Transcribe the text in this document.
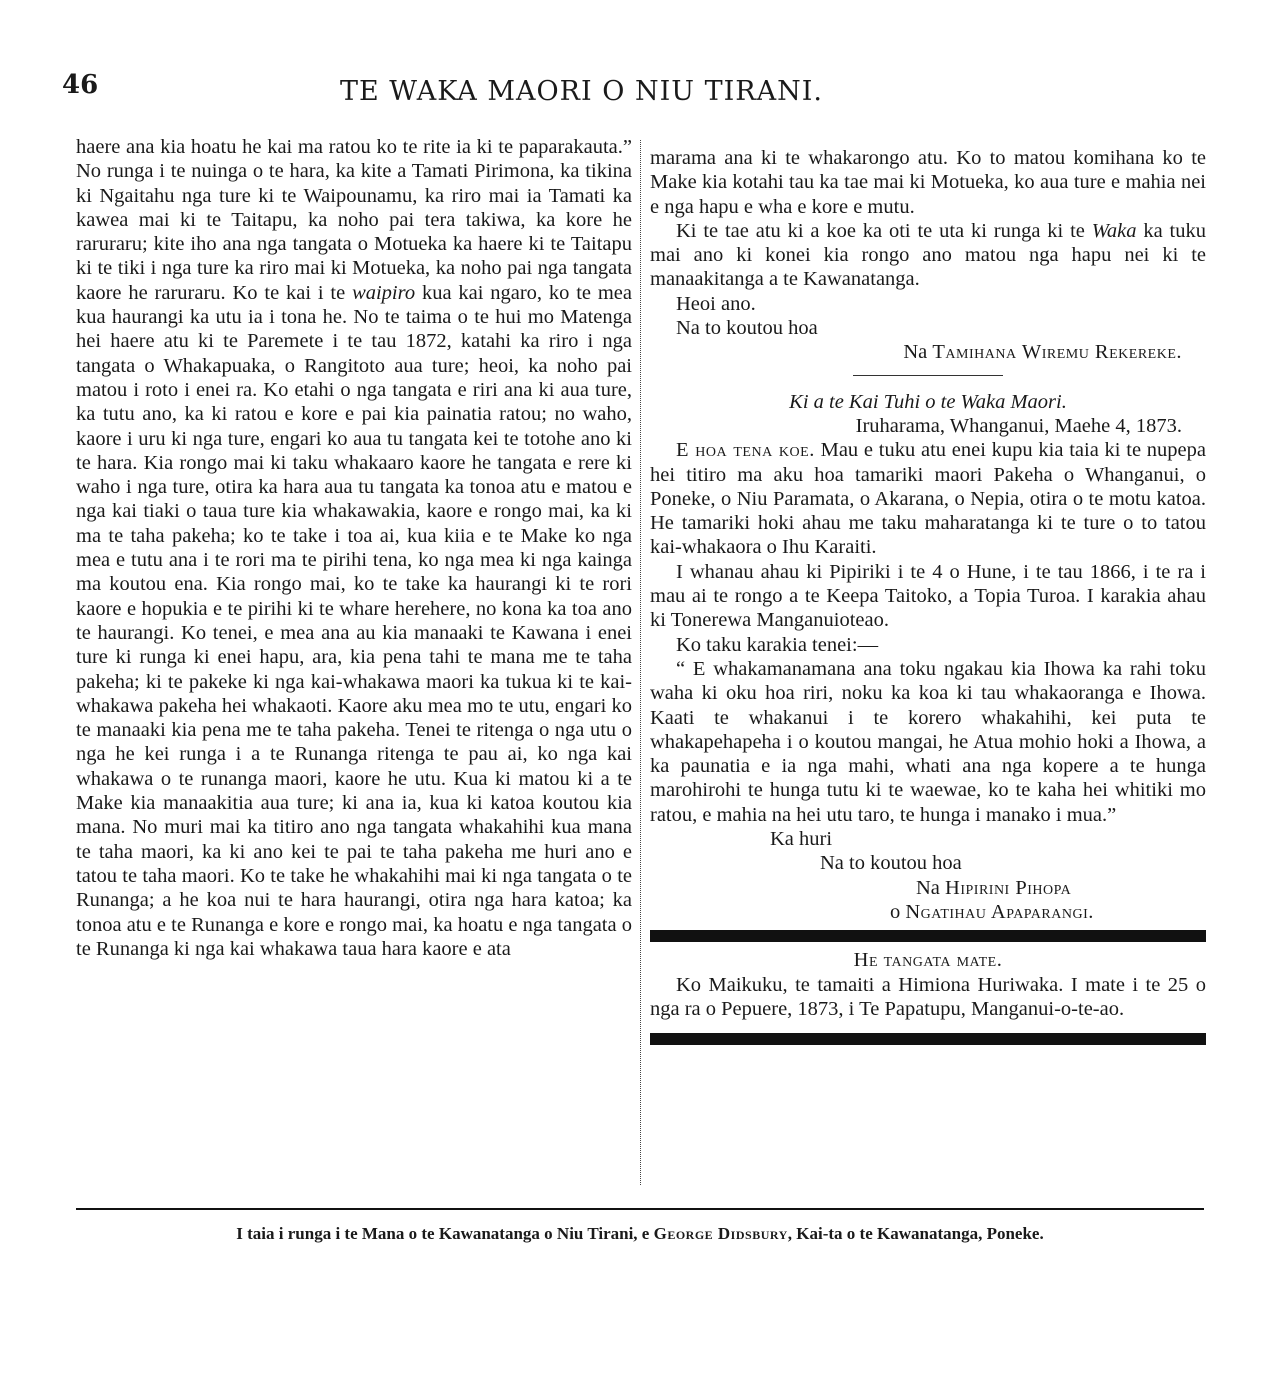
46	TE WAKA MAORI O NIU TIRANI.

haere ana kia hoatu he kai ma ratou ko te rite ia ki te paparakauta.” No runga i te nuinga o te hara, ka kite a Tamati Pirimona, ka tikina ki Ngaitahu nga ture ki te Waipounamu, ka riro mai ia Tamati ka kawea mai ki te Taitapu, ka noho pai tera takiwa, ka kore he raruraru; kite iho ana nga tangata o Motueka ka haere ki te Taitapu ki te tiki i nga ture ka riro mai ki Motueka, ka noho pai nga tangata kaore he raruraru. Ko te kai i te waipiro kua kai ngaro, ko te mea kua haurangi ka utu ia i tona he. No te taima o te hui mo Matenga hei haere atu ki te Paremete i te tau 1872, katahi ka riro i nga tangata o Whakapuaka, o Rangitoto aua ture; heoi, ka noho pai matou i roto i enei ra. Ko etahi o nga tangata e riri ana ki aua ture, ka tutu ano, ka ki ratou e kore e pai kia painatia ratou; no waho, kaore i uru ki nga ture, engari ko aua tu tangata kei te totohe ano ki te hara. Kia rongo mai ki taku whakaaro kaore he tangata e rere ki waho i nga ture, otira ka hara aua tu tangata ka tonoa atu e matou e nga kai tiaki o taua ture kia whakawakia, kaore e rongo mai, ka ki ma te taha pakeha; ko te take i toa ai, kua kiia e te Make ko nga mea e tutu ana i te rori ma te pirihi tena, ko nga mea ki nga kainga ma koutou ena. Kia rongo mai, ko te take ka haurangi ki te rori kaore e hopukia e te pirihi ki te whare herehere, no kona ka toa ano te haurangi. Ko tenei, e mea ana au kia manaaki te Kawana i enei ture ki runga ki enei hapu, ara, kia pena tahi te mana me te taha pakeha; ki te pakeke ki nga kai-whakawa maori ka tukua ki te kai-whakawa pakeha hei whakaoti. Kaore aku mea mo te utu, engari ko te manaaki kia pena me te taha pakeha. Tenei te ritenga o nga utu o nga he kei runga i a te Runanga ritenga te pau ai, ko nga kai whakawa o te runanga maori, kaore he utu. Kua ki matou ki a te Make kia manaakitia aua ture; ki ana ia, kua ki katoa koutou kia mana. No muri mai ka titiro ano nga tangata whakahihi kua mana te taha maori, ka ki ano kei te pai te taha pakeha me huri ano e tatou te taha maori. Ko te take he whakahihi mai ki nga tangata o te Runanga; a he koa nui te hara haurangi, otira nga hara katoa; ka tonoa atu e te Runanga e kore e rongo mai, ka hoatu e nga tangata o te Runanga ki nga kai whakawa taua hara kaore e ata

marama ana ki te whakarongo atu. Ko to matou komihana ko te Make kia kotahi tau ka tae mai ki Motueka, ko aua ture e mahia nei e nga hapu e wha e kore e mutu.

Ki te tae atu ki a koe ka oti te uta ki runga ki te Waka ka tuku mai ano ki konei kia rongo ano matou nga hapu nei ki te manaakitanga a te Kawanatanga.

Heoi ano.

Na to koutou hoa

Na Tamihana Wiremu Rekereke.

Ki a te Kai Tuhi o te Waka Maori.

Iruharama, Whanganui, Maehe 4, 1873.

E hoa tena koe. Mau e tuku atu enei kupu kia taia ki te nupepa hei titiro ma aku hoa tamariki maori Pakeha o Whanganui, o Poneke, o Niu Paramata, o Akarana, o Nepia, otira o te motu katoa. He tamariki hoki ahau me taku maharatanga ki te ture o to tatou kai-whakaora o Ihu Karaiti.

I whanau ahau ki Pipiriki i te 4 o Hune, i te tau 1866, i te ra i mau ai te rongo a te Keepa Taitoko, a Topia Turoa. I karakia ahau ki Tonerewa Manganuioteao.

Ko taku karakia tenei:—

“ E whakamanamana ana toku ngakau kia Ihowa ka rahi toku waha ki oku hoa riri, noku ka koa ki tau whakaoranga e Ihowa. Kaati te whakanui i te korero whakahihi, kei puta te whakapehapeha i o koutou mangai, he Atua mohio hoki a Ihowa, a ka paunatia e ia nga mahi, whati ana nga kopere a te hunga marohirohi te hunga tutu ki te waewae, ko te kaha hei whitiki mo ratou, e mahia na hei utu taro, te hunga i manako i mua.”

Ka huri

Na to koutou hoa

Na Hipirini Pihopa

o Ngatihau Apaparangi.

He tangata mate.

Ko Maikuku, te tamaiti a Himiona Huriwaka. I mate i te 25 o nga ra o Pepuere, 1873, i Te Papatupu, Manganui-o-te-ao.

I taia i runga i te Mana o te Kawanatanga o Niu Tirani, e George Didsbury, Kai-ta o te Kawanatanga, Poneke.
